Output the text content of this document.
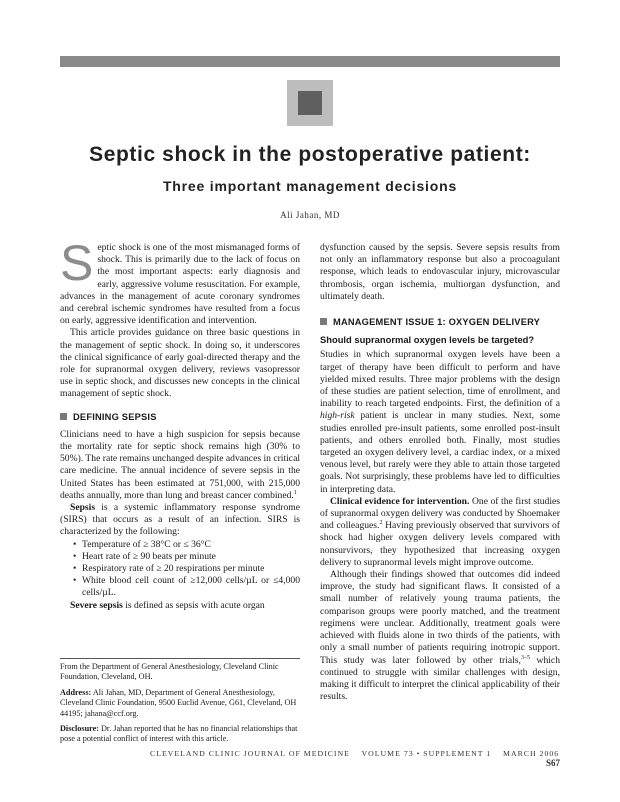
Septic shock in the postoperative patient:
Three important management decisions
Ali Jahan, MD

Septic shock is one of the most mismanaged forms of shock. This is primarily due to the lack of focus on the most important aspects: early diagnosis and early, aggressive volume resuscitation. For example, advances in the management of acute coronary syndromes and cerebral ischemic syndromes have resulted from a focus on early, aggressive identification and intervention.

This article provides guidance on three basic questions in the management of septic shock. In doing so, it underscores the clinical significance of early goal-directed therapy and the role for supranormal oxygen delivery, reviews vasopressor use in septic shock, and discusses new concepts in the clinical management of septic shock.

DEFINING SEPSIS

Clinicians need to have a high suspicion for sepsis because the mortality rate for septic shock remains high (30% to 50%). The rate remains unchanged despite advances in critical care medicine. The annual incidence of severe sepsis in the United States has been estimated at 751,000, with 215,000 deaths annually, more than lung and breast cancer combined.$^1$

Sepsis is a systemic inflammatory response syndrome (SIRS) that occurs as a result of an infection. SIRS is characterized by the following:

• Temperature of ≥ 38°C or ≤ 36°C
• Heart rate of ≥ 90 beats per minute
• Respiratory rate of ≥ 20 respirations per minute
• White blood cell count of ≥12,000 cells/µL or ≤4,000 cells/µL.

Severe sepsis is defined as sepsis with acute organ

From the Department of General Anesthesiology, Cleveland Clinic Foundation, Cleveland, OH.

Address: Ali Jahan, MD, Department of General Anesthesiology, Cleveland Clinic Foundation, 9500 Euclid Avenue, G61, Cleveland, OH 44195; jahana@ccf.org.

Disclosure: Dr. Jahan reported that he has no financial relationships that pose a potential conflict of interest with this article.

dysfunction caused by the sepsis. Severe sepsis results from not only an inflammatory response but also a procoagulant response, which leads to endovascular injury, microvascular thrombosis, organ ischemia, multiorgan dysfunction, and ultimately death.

MANAGEMENT ISSUE 1: OXYGEN DELIVERY
Should supranormal oxygen levels be targeted?

Studies in which supranormal oxygen levels have been a target of therapy have been difficult to perform and have yielded mixed results. Three major problems with the design of these studies are patient selection, time of enrollment, and inability to reach targeted endpoints. First, the definition of a high-risk patient is unclear in many studies. Next, some studies enrolled pre-insult patients, some enrolled post-insult patients, and others enrolled both. Finally, most studies targeted an oxygen delivery level, a cardiac index, or a mixed venous level, but rarely were they able to attain those targeted goals. Not surprisingly, these problems have led to difficulties in interpreting data.

Clinical evidence for intervention. One of the first studies of supranormal oxygen delivery was conducted by Shoemaker and colleagues.$^2$ Having previously observed that survivors of shock had higher oxygen delivery levels compared with nonsurvivors, they hypothesized that increasing oxygen delivery to supranormal levels might improve outcome.

Although their findings showed that outcomes did indeed improve, the study had significant flaws. It consisted of a small number of relatively young trauma patients, the comparison groups were poorly matched, and the treatment regimens were unclear. Additionally, treatment goals were achieved with fluids alone in two thirds of the patients, with only a small number of patients requiring inotropic support. This study was later followed by other trials,$^{3-5}$ which continued to struggle with similar challenges with design, making it difficult to interpret the clinical applicability of their results.

CLEVELAND CLINIC JOURNAL OF MEDICINE VOLUME 73 • SUPPLEMENT 1 MARCH 2006
S67
